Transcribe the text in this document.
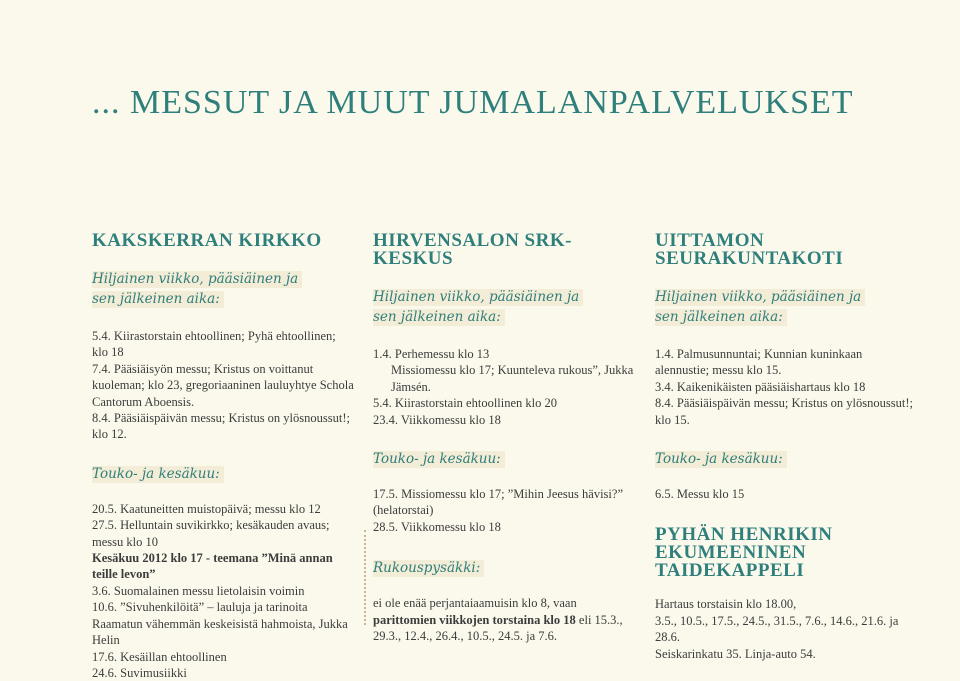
... MESSUT JA MUUT JUMALANPALVELUKSET
KAKSKERRAN KIRKKO
Hiljainen viikko, pääsiäinen ja
sen jälkeinen aika:

5.4. Kiirastorstain ehtoollinen; Pyhä ehtoollinen; klo 18

7.4. Pääsiäisyön messu; Kristus on voittanut kuoleman; klo 23, gregoriaaninen lauluyhtye Schola Cantorum Aboensis.

8.4. Pääsiäispäivän messu; Kristus on ylösnoussut!; klo 12.

Touko- ja kesäkuu:

20.5. Kaatuneitten muistopäivä; messu klo 12

27.5. Helluntain suvikirkko; kesäkauden avaus; messu klo 10

Kesäkuu 2012 klo 17 - teemana ”Minä annan teille levon”

3.6. Suomalainen messu lietolaisin voimin

10.6. ”Sivuhenkilöitä” – lauluja ja tarinoita Raamatun vähemmän keskeisistä hahmoista, Jukka Helin

17.6. Kesäillan ehtoollinen

24.6. Suvimusiikki

HIRVENSALON SRK-KESKUS
Hiljainen viikko, pääsiäinen ja
sen jälkeinen aika:

1.4. Perhemessu klo 13

Missiomessu klo 17; Kuunteleva rukous”, Jukka Jämsén.

5.4. Kiirastorstain ehtoollinen klo 20

23.4. Viikkomessu klo 18

Touko- ja kesäkuu:

17.5. Missiomessu klo 17; ”Mihin Jeesus hävisi?” (helatorstai)

28.5. Viikkomessu klo 18

Rukouspysäkki:

ei ole enää perjantaiaamuisin klo 8, vaan parittomien viikkojen torstaina klo 18 eli 15.3., 29.3., 12.4., 26.4., 10.5., 24.5. ja 7.6.

UITTAMON SEURAKUNTAKOTI
Hiljainen viikko, pääsiäinen ja
sen jälkeinen aika:

1.4. Palmusunnuntai; Kunnian kuninkaan alennustie; messu klo 15.

3.4. Kaikenikäisten pääsiäishartaus klo 18

8.4. Pääsiäispäivän messu; Kristus on ylösnoussut!; klo 15.

Touko- ja kesäkuu:

6.5. Messu klo 15

PYHÄN HENRIKIN EKUMEENINEN TAIDEKAPPELI

Hartaus torstaisin klo 18.00,

3.5., 10.5., 17.5., 24.5., 31.5., 7.6., 14.6., 21.6. ja 28.6.

Seiskarinkatu 35. Linja-auto 54.
